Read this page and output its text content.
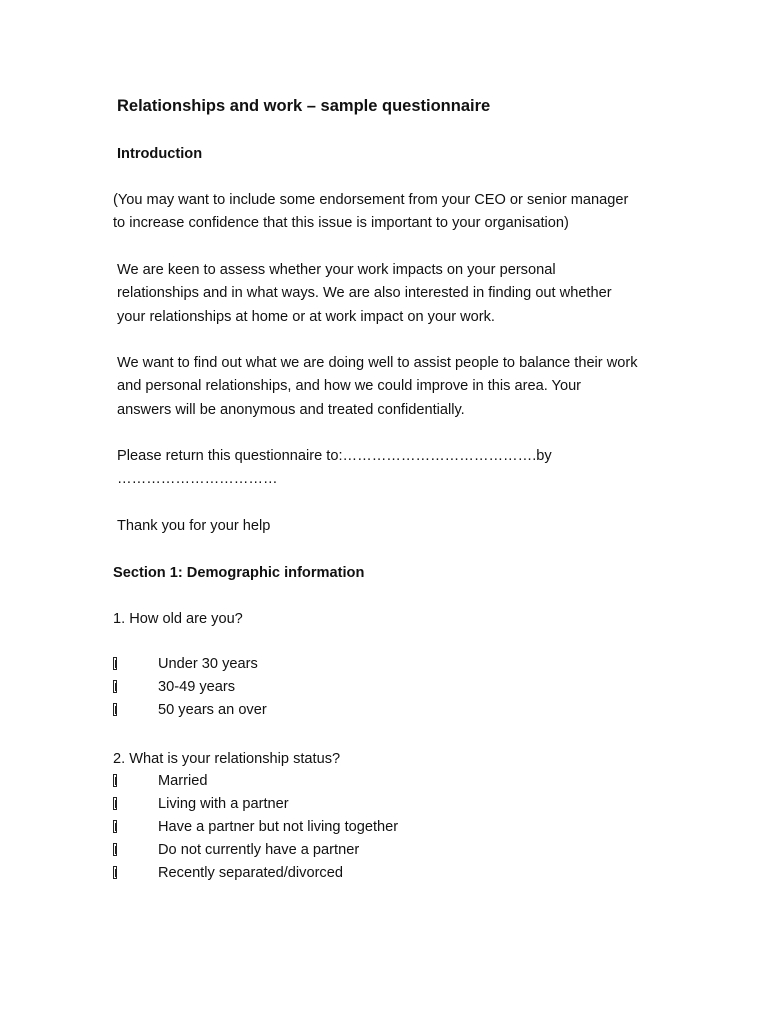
Relationships and work – sample questionnaire
Introduction
(You may want to include some endorsement from your CEO or senior manager
to increase confidence that this issue is important to your organisation)
We are keen to assess whether your work impacts on your personal
relationships and in what ways. We are also interested in finding out whether
your relationships at home or at work impact on your work.
We want to find out what we are doing well to assist people to balance their work
and personal relationships, and how we could improve in this area. Your
answers will be anonymous and treated confidentially.
Please return this questionnaire to:………………………………….by
……………………………
Thank you for your help
Section 1: Demographic information
1. How old are you?
Under 30 years
30-49 years
50 years an over
2. What is your relationship status?
Married
Living with a partner
Have a partner but not living together
Do not currently have a partner
Recently separated/divorced
